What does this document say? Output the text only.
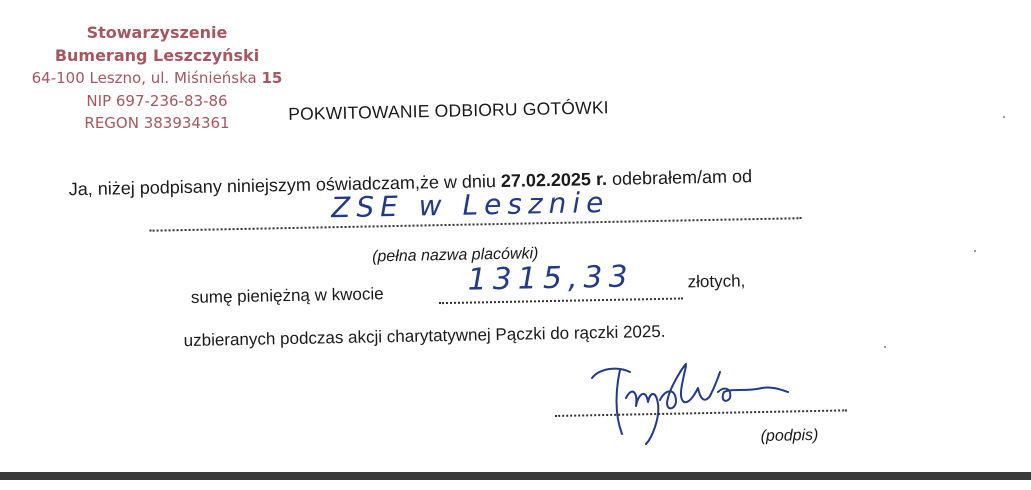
Stowarzyszenie
Bumerang Leszczyński
64-100 Leszno, ul. Miśnieńska 15
NIP 697-236-83-86
REGON 383934361	POKWITOWANIE ODBIORU GOTÓWKI
Ja, niżej podpisany niniejszym oświadczam,że w dniu 27.02.2025 r. odebrałem/am od
ZSE w Lesznie
(pełna nazwa placówki)
sumę pieniężną w kwocie	1315,33	złotych,
uzbieranych podczas akcji charytatywnej Pączki do rączki 2025.
(podpis)
